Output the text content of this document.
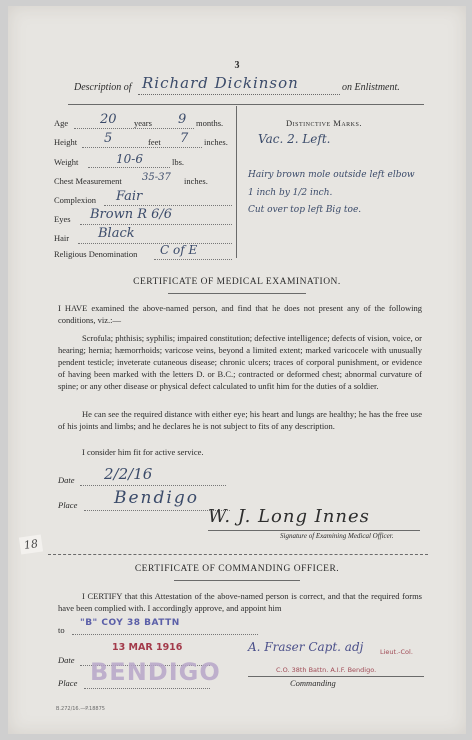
3
Description of Richard Dickinson	on Enlistment.
Age 20 years 9 months.
Height 5	feet 7 inches.
Weight	10-6	lbs.
Chest Measurement 35-37 inches.
Complexion Fair
Eyes Brown R 6/6
Hair Black
Religious Denomination C of E
Distinctive Marks.
Vac. 2. Left.
Hairy brown mole outside left elbow
1 inch by 1/2 inch.
Cut over top left Big toe.
CERTIFICATE OF MEDICAL EXAMINATION.
I HAVE examined the above-named person, and find that he does not present any of the following conditions, viz.:—
Scrofula; phthisis; syphilis; impaired constitution; defective intelligence; defects of vision, voice, or hearing; hernia; hæmorrhoids; varicose veins, beyond a limited extent; marked varicocele with unusually pendent testicle; inveterate cutaneous disease; chronic ulcers; traces of corporal punishment, or evidence of having been marked with the letters D. or B.C.; contracted or deformed chest; abnormal curvature of spine; or any other disease or physical defect calculated to unfit him for the duties of a soldier.
He can see the required distance with either eye; his heart and lungs are healthy; he has the free use of his joints and limbs; and he declares he is not subject to fits of any description.
I consider him fit for active service.
Date 2/2/16
Place Bendigo
W. J. Long Innes
Signature of Examining Medical Officer.
18
CERTIFICATE OF COMMANDING OFFICER.
I CERTIFY that this Attestation of the above-named person is correct, and that the required forms have been complied with. I accordingly approve, and appoint him
to
"B" COY 38 BATTN
Date
13 MAR 1916
BENDIGO
Place
A. Fraser Capt. adj	Lieut.-Col.
C.O. 38th Battn. A.I.F. Bendigo.
Commanding
B.272/16.—P.18875
